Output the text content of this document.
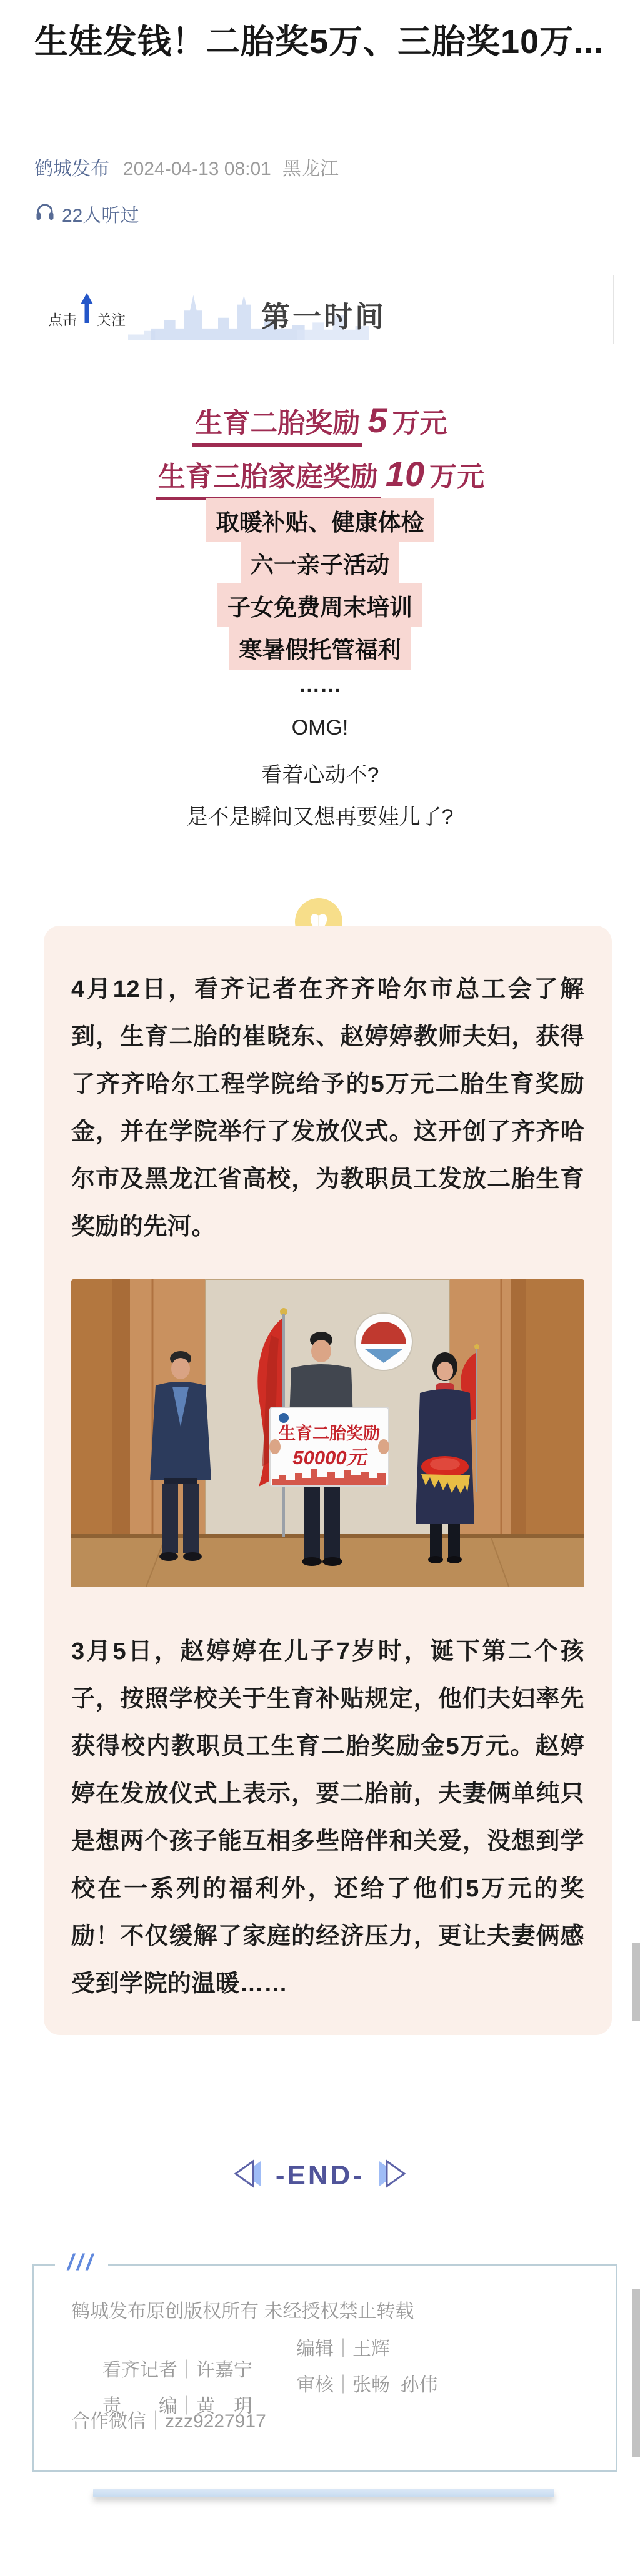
生娃发钱！二胎奖5万、三胎奖10万...
鹤城发布 2024-04-13 08:01 黑龙江
22人听过
点击 关注	第一时间
生育二胎奖励 5 万元
生育三胎家庭奖励 10 万元
取暖补贴、健康体检
六一亲子活动
子女免费周末培训
寒暑假托管福利
……
OMG!
看着心动不?
是不是瞬间又想再要娃儿了?

4月12日，看齐记者在齐齐哈尔市总工会了解到，生育二胎的崔晓东、赵婷婷教师夫妇，获得了齐齐哈尔工程学院给予的5万元二胎生育奖励金，并在学院举行了发放仪式。这开创了齐齐哈尔市及黑龙江省高校，为教职员工发放二胎生育奖励的先河。

生育二胎奖励
50000元

3月5日，赵婷婷在儿子7岁时，诞下第二个孩子，按照学校关于生育补贴规定，他们夫妇率先获得校内教职员工生育二胎奖励金5万元。赵婷婷在发放仪式上表示，要二胎前，夫妻俩单纯只是想两个孩子能互相多些陪伴和关爱，没想到学校在一系列的福利外，还给了他们5万元的奖励！不仅缓解了家庭的经济压力，更让夫妻俩感受到学院的温暖……

-END-
///
鹤城发布原创版权所有 未经授权禁止转载

看齐记者｜许嘉宁

编辑｜王辉

责　　编｜黄　玥

审核｜张畅  孙伟

合作微信｜zzz9227917
